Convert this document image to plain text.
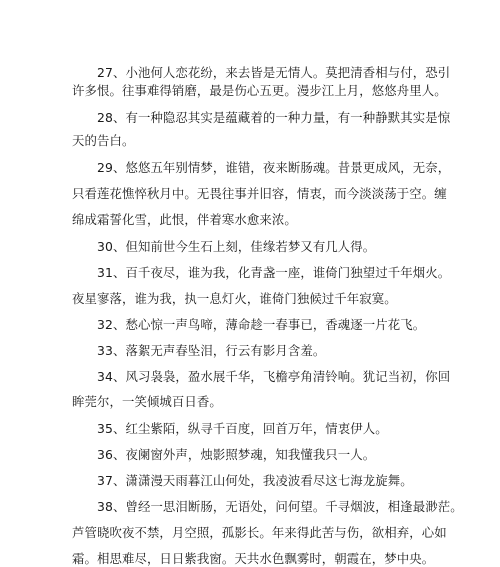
27、小池何人恋花纷，来去皆是无情人。莫把清香相与付，恐引
许多恨。往事难得销磨，最是伤心五更。漫步江上月，悠悠舟里人。
28、有一种隐忍其实是蕴藏着的一种力量，有一种静默其实是惊
天的告白。
29、悠悠五年别情梦，谁错，夜来断肠魂。昔景更成风，无奈，
只看莲花憔悴秋月中。无畏往事并旧容，情衷，而今淡淡荡于空。缠
绵成霜誓化雪，此恨，伴着寒水愈来浓。
30、但知前世今生石上刻，佳缘若梦又有几人得。
31、百千夜尽，谁为我，化青盏一座，谁倚门独望过千年烟火。
夜星寥落，谁为我，执一息灯火，谁倚门独候过千年寂寞。
32、愁心惊一声鸟啼，薄命趁一春事已，香魂逐一片花飞。
33、落絮无声春坠泪，行云有影月含羞。
34、风习袅袅，盈水展千华，飞檐亭角清铃响。犹记当初，你回
眸莞尔，一笑倾城百日香。
35、红尘紫陌，纵寻千百度，回首万年，情衷伊人。
36、夜阑窗外声，烛影照梦魂，知我懂我只一人。
37、潇潇漫天雨暮江山何处，我凌波看尽这七海龙旋舞。
38、曾经一思泪断肠，无语处，问何望。千寻烟波，相逢最渺茫。
芦管晓吹夜不禁，月空照，孤影长。年来得此苦与伤，欲相弃，心如
霜。相思难尽，日日紫我窗。天共水色飘雾时，朝霞在，梦中央。
